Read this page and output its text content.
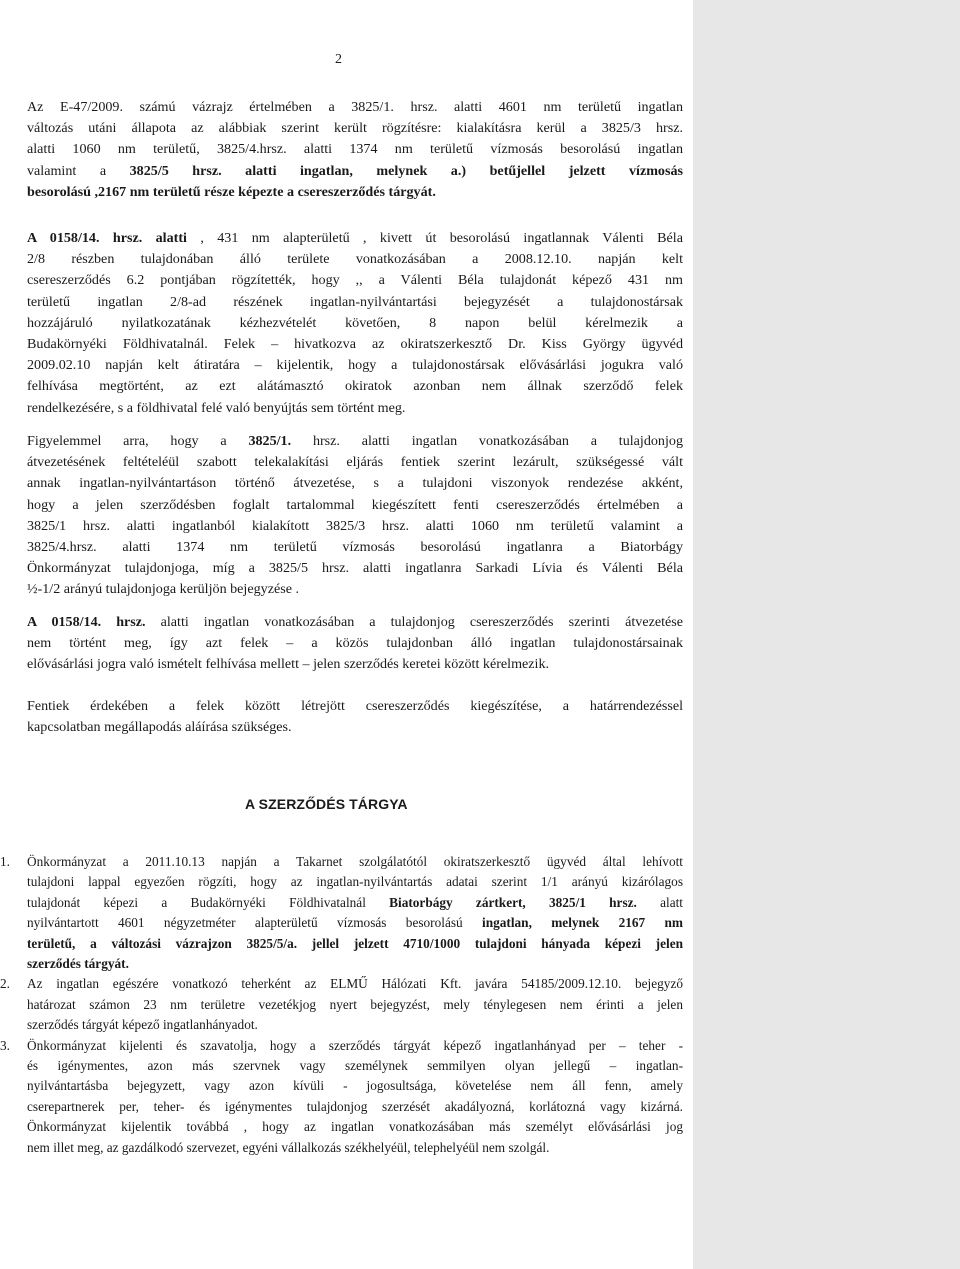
2
Az E-47/2009. számú vázrajz értelmében a 3825/1. hrsz. alatti 4601 nm területű ingatlan
változás utáni állapota az alábbiak szerint került rögzítésre: kialakításra kerül a 3825/3 hrsz.
alatti 1060 nm területű, 3825/4.hrsz. alatti 1374 nm területű vízmosás besorolású ingatlan
valamint a 3825/5 hrsz. alatti ingatlan, melynek a.) betűjellel jelzett vízmosás
besorolású ,2167 nm területű része képezte a csereszerződés tárgyát.
A 0158/14. hrsz. alatti , 431 nm alapterületű , kivett út besorolású ingatlannak Válenti Béla
2/8 részben tulajdonában álló területe vonatkozásában a 2008.12.10. napján kelt
csereszerződés 6.2 pontjában rögzítették, hogy ,, a Válenti Béla tulajdonát képező 431 nm
területű ingatlan 2/8-ad részének ingatlan-nyilvántartási bejegyzését a tulajdonostársak
hozzájáruló nyilatkozatának kézhezvételét követően, 8 napon belül kérelmezik a
Budakörnyéki Földhivatalnál. Felek – hivatkozva az okiratszerkesztő Dr. Kiss György ügyvéd
2009.02.10 napján kelt átiratára – kijelentik, hogy a tulajdonostársak elővásárlási jogukra való
felhívása megtörtént, az ezt alátámasztó okiratok azonban nem állnak szerződő felek
rendelkezésére, s a földhivatal felé való benyújtás sem történt meg.
Figyelemmel arra, hogy a 3825/1. hrsz. alatti ingatlan vonatkozásában a tulajdonjog
átvezetésének feltételéül szabott telekalakítási eljárás fentiek szerint lezárult, szükségessé vált
annak ingatlan-nyilvántartáson történő átvezetése, s a tulajdoni viszonyok rendezése akként,
hogy a jelen szerződésben foglalt tartalommal kiegészített fenti csereszerződés értelmében a
3825/1 hrsz. alatti ingatlanból kialakított 3825/3 hrsz. alatti 1060 nm területű valamint a
3825/4.hrsz. alatti 1374 nm területű vízmosás besorolású ingatlanra a Biatorbágy
Önkormányzat tulajdonjoga, míg a 3825/5 hrsz. alatti ingatlanra Sarkadi Lívia és Válenti Béla
½-1/2 arányú tulajdonjoga kerüljön bejegyzése .
A 0158/14. hrsz. alatti ingatlan vonatkozásában a tulajdonjog csereszerződés szerinti átvezetése
nem történt meg, így azt felek – a közös tulajdonban álló ingatlan tulajdonostársainak
elővásárlási jogra való ismételt felhívása mellett – jelen szerződés keretei között kérelmezik.
Fentiek érdekében a felek között létrejött csereszerződés kiegészítése, a határrendezéssel
kapcsolatban megállapodás aláírása szükséges.
A SZERZŐDÉS TÁRGYA
1. Önkormányzat a 2011.10.13 napján a Takarnet szolgálatótól okiratszerkesztő ügyvéd által lehívott
tulajdoni lappal egyezően rögzíti, hogy az ingatlan-nyilvántartás adatai szerint 1/1 arányú kizárólagos
tulajdonát képezi a Budakörnyéki Földhivatalnál Biatorbágy zártkert, 3825/1 hrsz. alatt
nyilvántartott 4601 négyzetméter alapterületű vízmosás besorolású ingatlan, melynek 2167 nm
területű, a változási vázrajzon 3825/5/a. jellel jelzett 4710/1000 tulajdoni hányada képezi jelen
szerződés tárgyát.
2. Az ingatlan egészére vonatkozó teherként az ELMŰ Hálózati Kft. javára 54185/2009.12.10. bejegyző
határozat számon 23 nm területre vezetékjog nyert bejegyzést, mely ténylegesen nem érinti a jelen
szerződés tárgyát képező ingatlanhányadot.
3. Önkormányzat kijelenti és szavatolja, hogy a szerződés tárgyát képező ingatlanhányad per – teher -
és igénymentes, azon más szervnek vagy személynek semmilyen olyan jellegű – ingatlan-
nyilvántartásba bejegyzett, vagy azon kívüli - jogosultsága, követelése nem áll fenn, amely
cserepartnerek per, teher- és igénymentes tulajdonjog szerzését akadályozná, korlátozná vagy kizárná.
Önkormányzat kijelentik továbbá , hogy az ingatlan vonatkozásában más személyt elővásárlási jog
nem illet meg, az gazdálkodó szervezet, egyéni vállalkozás székhelyéül, telephelyéül nem szolgál.
